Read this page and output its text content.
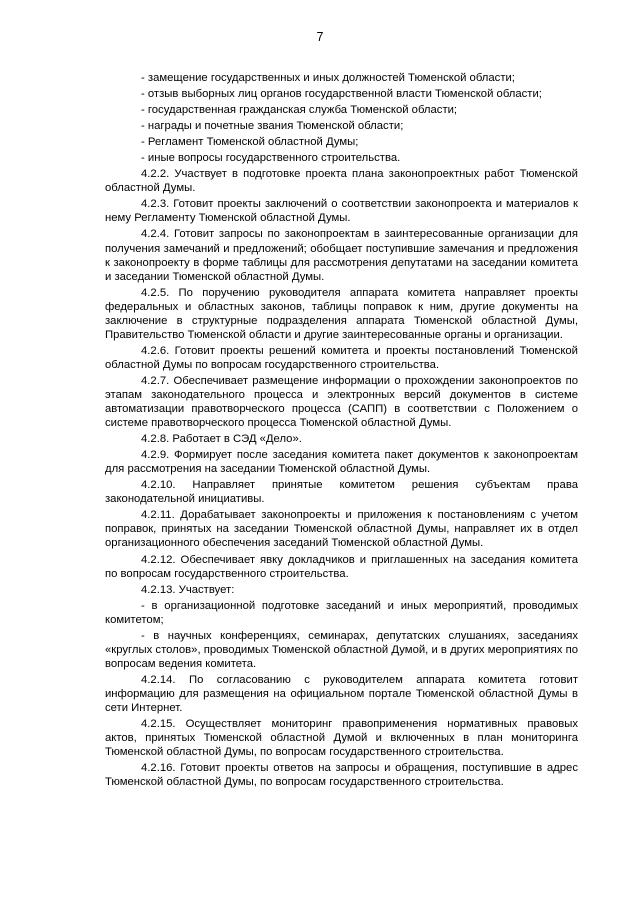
7

- замещение государственных и иных должностей Тюменской области;

- отзыв выборных лиц органов государственной власти Тюменской области;

- государственная гражданская служба Тюменской области;

- награды и почетные звания Тюменской области;

- Регламент Тюменской областной Думы;

- иные вопросы государственного строительства.

4.2.2. Участвует в подготовке проекта плана законопроектных работ Тюменской областной Думы.

4.2.3. Готовит проекты заключений о соответствии законопроекта и материалов к нему Регламенту Тюменской областной Думы.

4.2.4. Готовит запросы по законопроектам в заинтересованные организации для получения замечаний и предложений; обобщает поступившие замечания и предложения к законопроекту в форме таблицы для рассмотрения депутатами на заседании комитета и заседании Тюменской областной Думы.

4.2.5. По поручению руководителя аппарата комитета направляет проекты федеральных и областных законов, таблицы поправок к ним, другие документы на заключение в структурные подразделения аппарата Тюменской областной Думы, Правительство Тюменской области и другие заинтересованные органы и организации.

4.2.6. Готовит проекты решений комитета и проекты постановлений Тюменской областной Думы по вопросам государственного строительства.

4.2.7. Обеспечивает размещение информации о прохождении законопроектов по этапам законодательного процесса и электронных версий документов в системе автоматизации правотворческого процесса (САПП) в соответствии с Положением о системе правотворческого процесса Тюменской областной Думы.

4.2.8. Работает в СЭД «Дело».

4.2.9. Формирует после заседания комитета пакет документов к законопроектам для рассмотрения на заседании Тюменской областной Думы.

4.2.10. Направляет принятые комитетом решения субъектам права законодательной инициативы.

4.2.11. Дорабатывает законопроекты и приложения к постановлениям с учетом поправок, принятых на заседании Тюменской областной Думы, направляет их в отдел организационного обеспечения заседаний Тюменской областной Думы.

4.2.12. Обеспечивает явку докладчиков и приглашенных на заседания комитета по вопросам государственного строительства.

4.2.13. Участвует:

- в организационной подготовке заседаний и иных мероприятий, проводимых комитетом;

- в научных конференциях, семинарах, депутатских слушаниях, заседаниях «круглых столов», проводимых Тюменской областной Думой, и в других мероприятиях по вопросам ведения комитета.

4.2.14. По согласованию с руководителем аппарата комитета готовит информацию для размещения на официальном портале Тюменской областной Думы в сети Интернет.

4.2.15. Осуществляет мониторинг правоприменения нормативных правовых актов, принятых Тюменской областной Думой и включенных в план мониторинга Тюменской областной Думы, по вопросам государственного строительства.

4.2.16. Готовит проекты ответов на запросы и обращения, поступившие в адрес Тюменской областной Думы, по вопросам государственного строительства.
